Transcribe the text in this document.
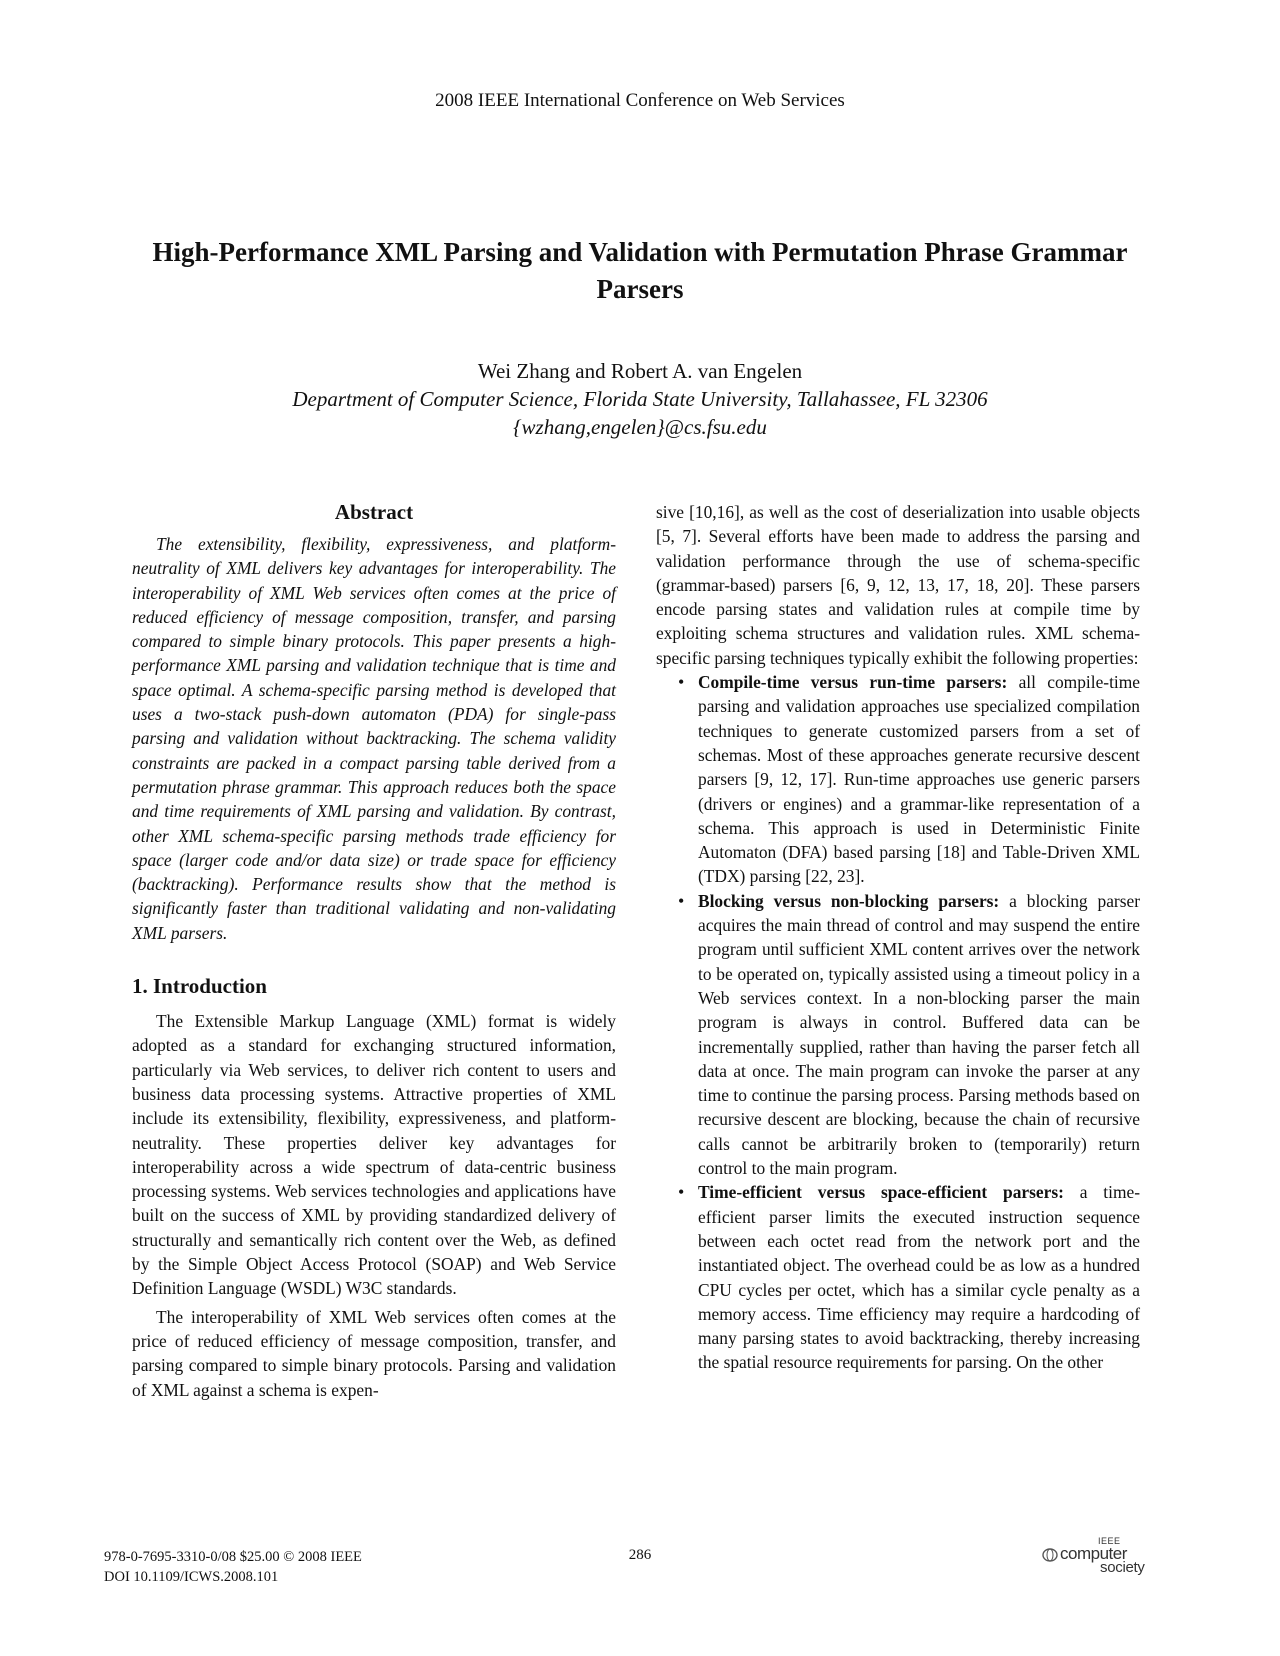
2008 IEEE International Conference on Web Services
High-Performance XML Parsing and Validation with Permutation Phrase Grammar Parsers
Wei Zhang and Robert A. van Engelen
Department of Computer Science, Florida State University, Tallahassee, FL 32306
{wzhang,engelen}@cs.fsu.edu
Abstract

The extensibility, flexibility, expressiveness, and platform-neutrality of XML delivers key advantages for interoperability. The interoperability of XML Web services often comes at the price of reduced efficiency of message composition, transfer, and parsing compared to simple binary protocols. This paper presents a high-performance XML parsing and validation technique that is time and space optimal. A schema-specific parsing method is developed that uses a two-stack push-down automaton (PDA) for single-pass parsing and validation without backtracking. The schema validity constraints are packed in a compact parsing table derived from a permutation phrase grammar. This approach reduces both the space and time requirements of XML parsing and validation. By contrast, other XML schema-specific parsing methods trade efficiency for space (larger code and/or data size) or trade space for efficiency (backtracking). Performance results show that the method is significantly faster than traditional validating and non-validating XML parsers.

1. Introduction

The Extensible Markup Language (XML) format is widely adopted as a standard for exchanging structured information, particularly via Web services, to deliver rich content to users and business data processing systems. Attractive properties of XML include its extensibility, flexibility, expressiveness, and platform-neutrality. These properties deliver key advantages for interoperability across a wide spectrum of data-centric business processing systems. Web services technologies and applications have built on the success of XML by providing standardized delivery of structurally and semantically rich content over the Web, as defined by the Simple Object Access Protocol (SOAP) and Web Service Definition Language (WSDL) W3C standards.

The interoperability of XML Web services often comes at the price of reduced efficiency of message composition, transfer, and parsing compared to simple binary protocols. Parsing and validation of XML against a schema is expen-

sive [10,16], as well as the cost of deserialization into usable objects [5, 7]. Several efforts have been made to address the parsing and validation performance through the use of schema-specific (grammar-based) parsers [6, 9, 12, 13, 17, 18, 20]. These parsers encode parsing states and validation rules at compile time by exploiting schema structures and validation rules. XML schema-specific parsing techniques typically exhibit the following properties:

• Compile-time versus run-time parsers: all compile-time parsing and validation approaches use specialized compilation techniques to generate customized parsers from a set of schemas. Most of these approaches generate recursive descent parsers [9, 12, 17]. Run-time approaches use generic parsers (drivers or engines) and a grammar-like representation of a schema. This approach is used in Deterministic Finite Automaton (DFA) based parsing [18] and Table-Driven XML (TDX) parsing [22, 23].
• Blocking versus non-blocking parsers: a blocking parser acquires the main thread of control and may suspend the entire program until sufficient XML content arrives over the network to be operated on, typically assisted using a timeout policy in a Web services context. In a non-blocking parser the main program is always in control. Buffered data can be incrementally supplied, rather than having the parser fetch all data at once. The main program can invoke the parser at any time to continue the parsing process. Parsing methods based on recursive descent are blocking, because the chain of recursive calls cannot be arbitrarily broken to (temporarily) return control to the main program.
• Time-efficient versus space-efficient parsers: a time-efficient parser limits the executed instruction sequence between each octet read from the network port and the instantiated object. The overhead could be as low as a hundred CPU cycles per octet, which has a similar cycle penalty as a memory access. Time efficiency may require a hardcoding of many parsing states to avoid backtracking, thereby increasing the spatial resource requirements for parsing. On the other
978-0-7695-3310-0/08 $25.00 © 2008 IEEE
DOI 10.1109/ICWS.2008.101
286
IEEE
computer
society
